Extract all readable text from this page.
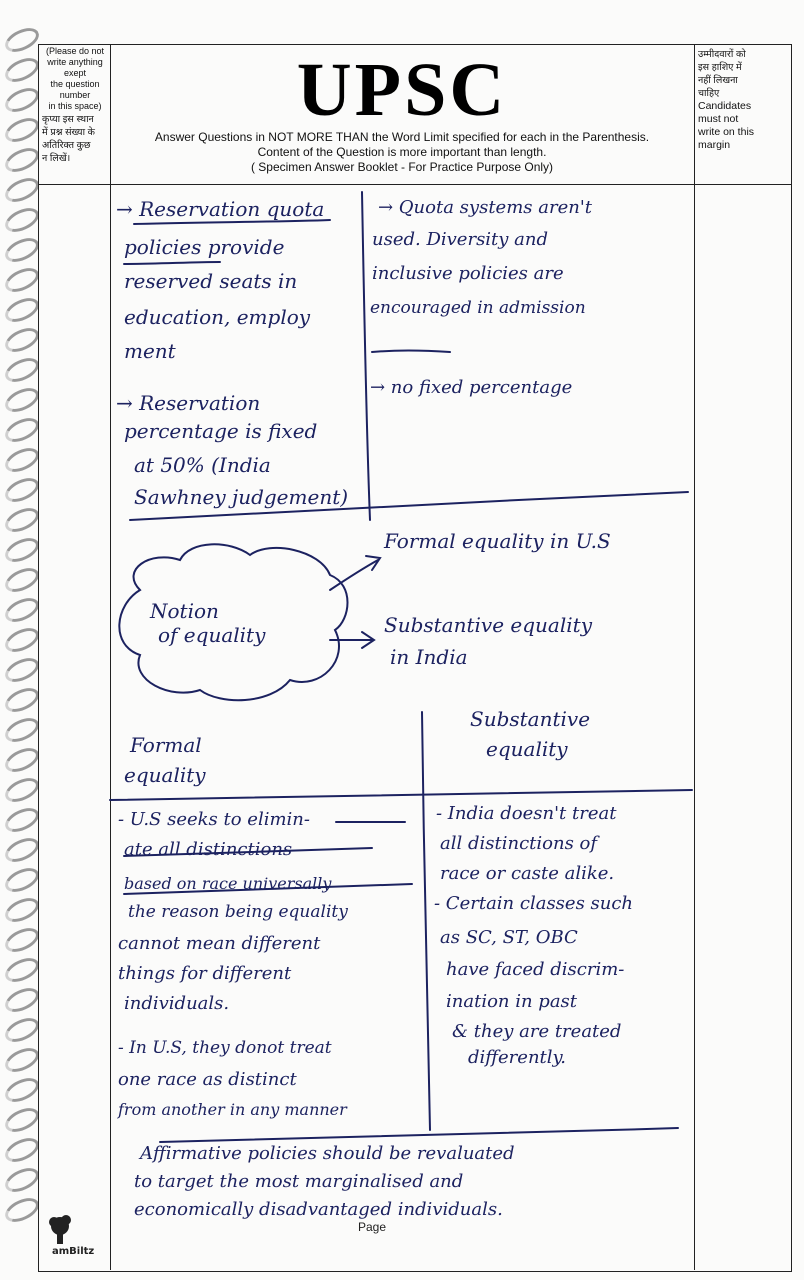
(Please do not
write anything exept
the question number
in this space)
कृप्या इस स्थान
में प्रश्न संख्या के
अतिरिक्त कुछ
न लिखें।
उम्मीदवारों को
इस हाशिए में
नहीं लिखना
चाहिए
Candidates
must not
write on this
margin
UPSC
Answer Questions in NOT MORE THAN the Word Limit specified for each in the Parenthesis.
Content of the Question is more important than length.
( Specimen Answer Booklet - For Practice Purpose Only)
→ Reservation quota
policies provide
reserved seats in
education, employ
ment
→ Reservation
percentage is fixed
at 50% (India
Sawhney judgement)
→ Quota systems aren't
used. Diversity and
inclusive policies are
encouraged in admission
→ no fixed percentage
Notion
of equality
Formal equality in U.S
Substantive equality
in India
Formal
equality
Substantive
equality
- U.S seeks to elimin-
ate all distinctions
based on race universally
the reason being equality
cannot mean different
things for different
individuals.
- In U.S, they donot treat
one race as distinct
from another in any manner
- India doesn't treat
all distinctions of
race or caste alike.
- Certain classes such
as SC, ST, OBC
have faced discrim-
ination in past
& they are treated
differently.
Affirmative policies should be revaluated
to target the most marginalised and
economically disadvantaged individuals.
Page
amBiltz
